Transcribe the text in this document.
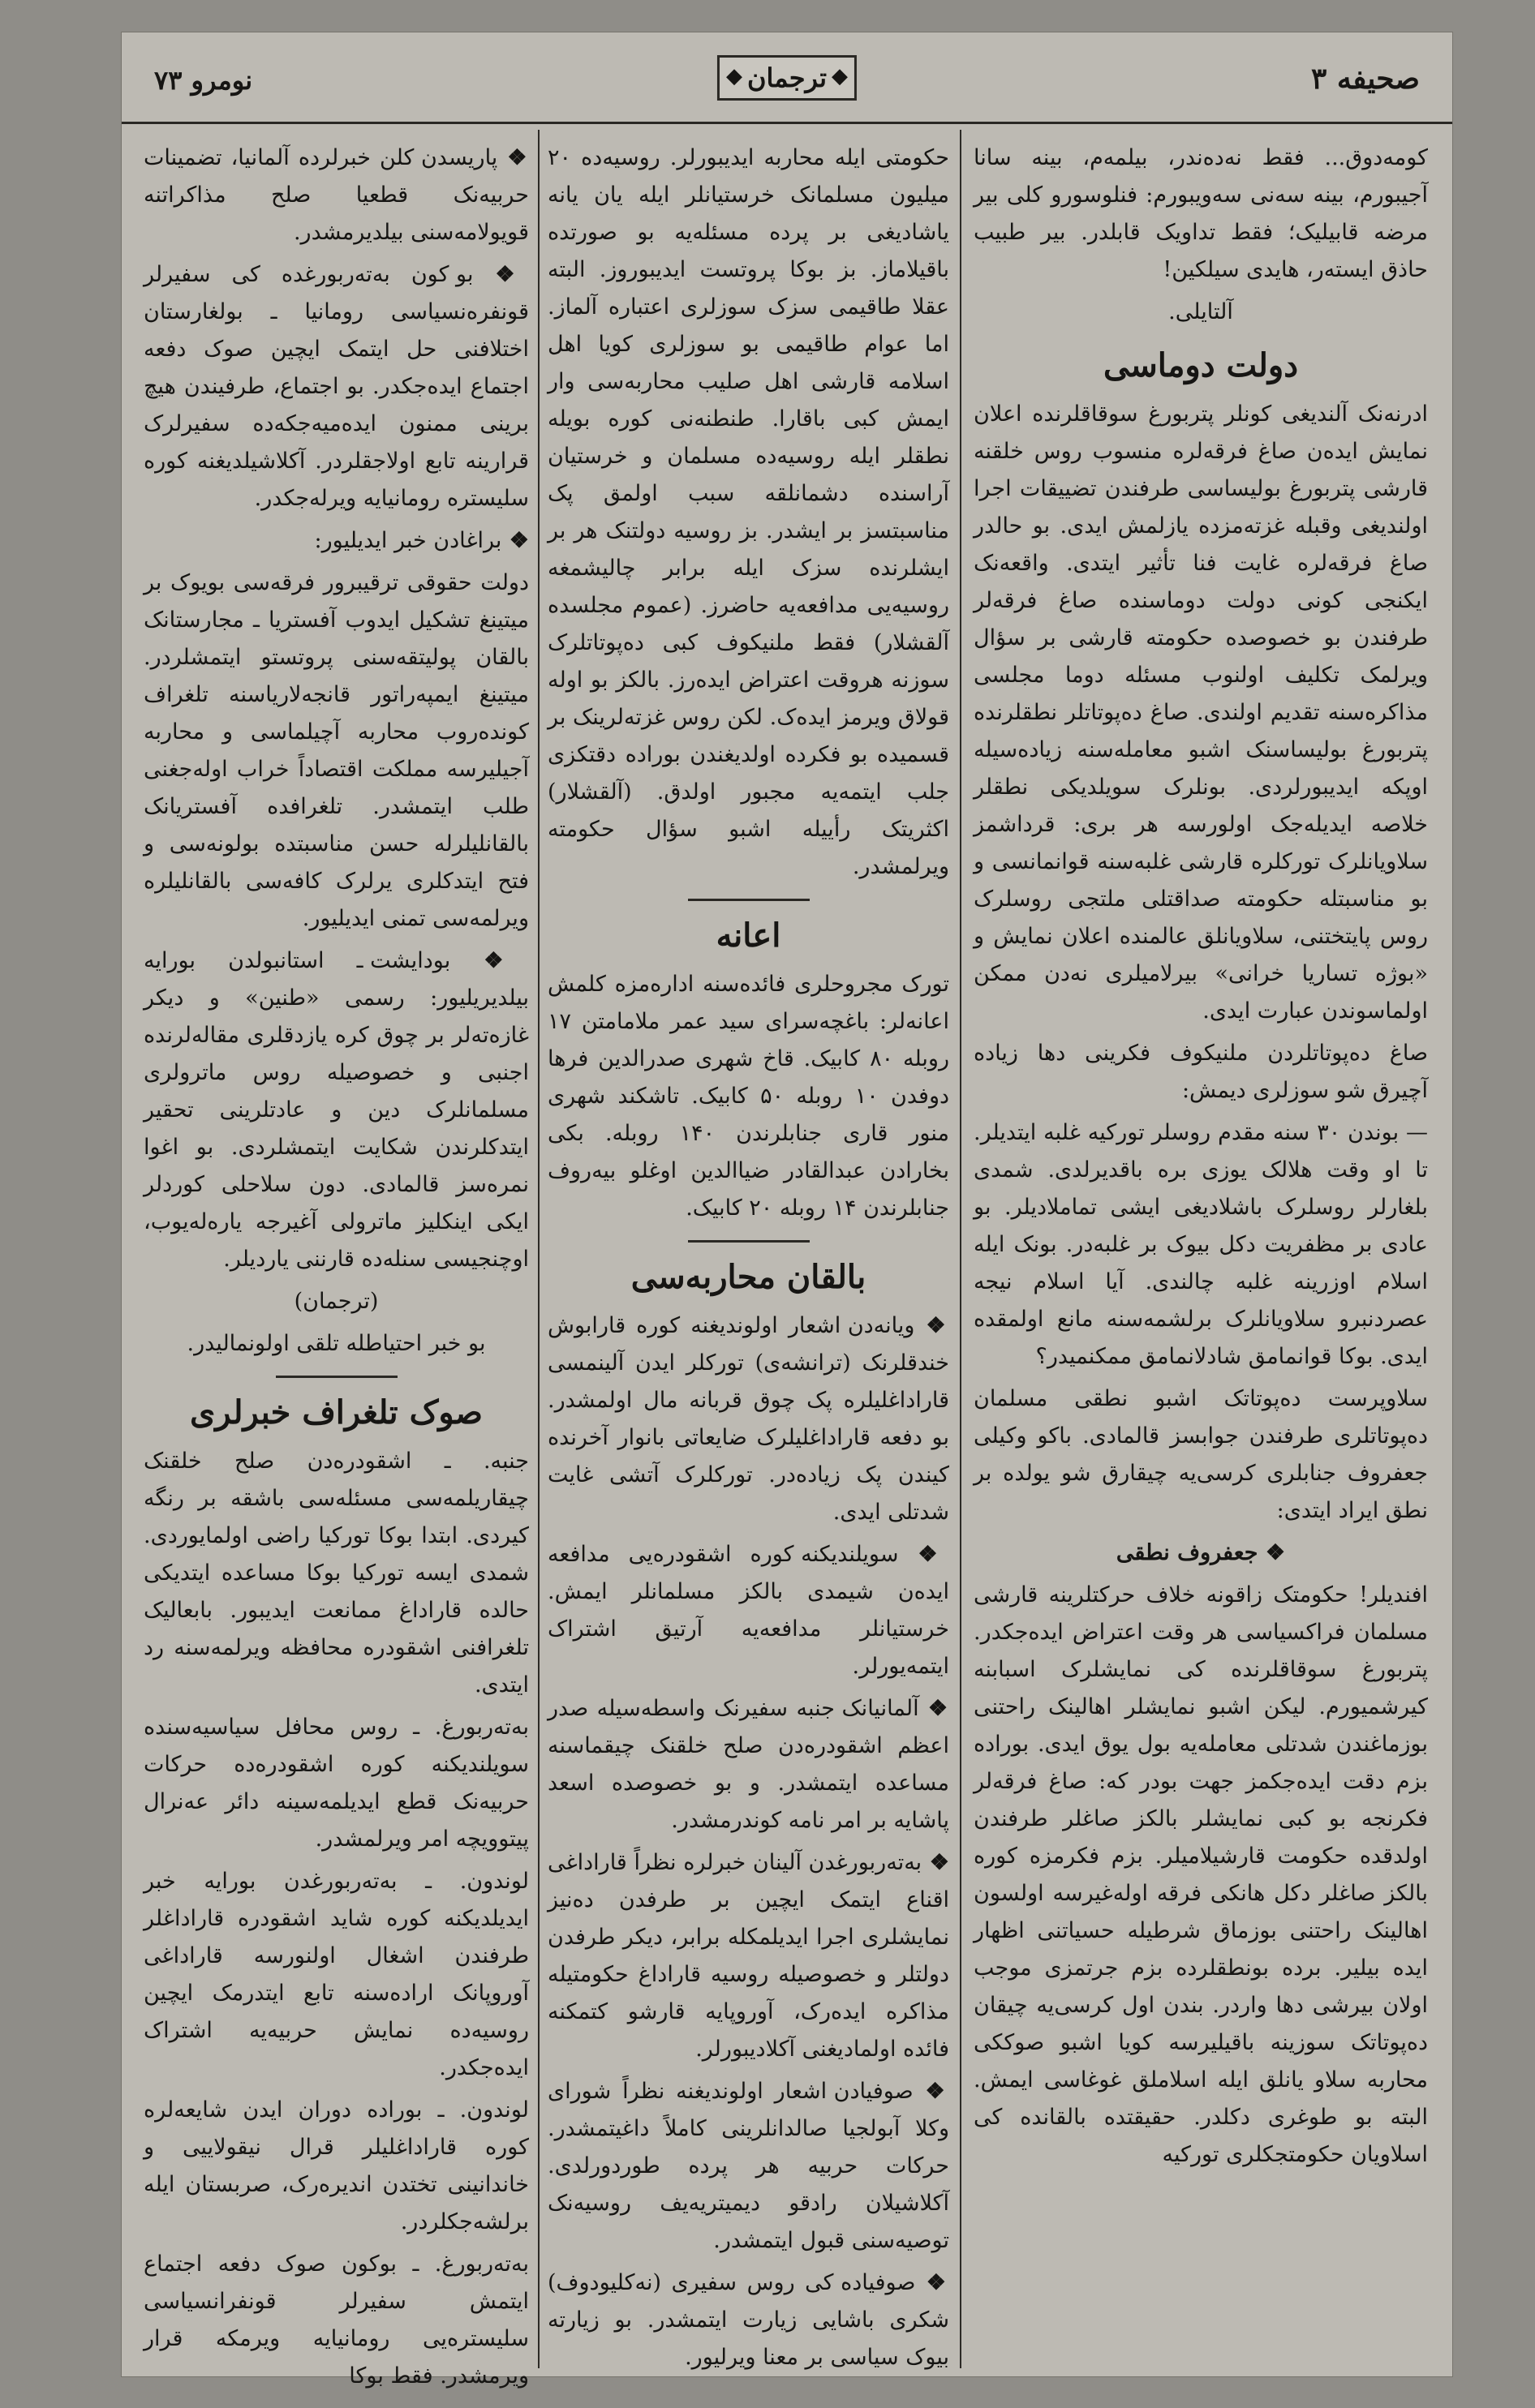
نومرو ۷۳
◆	ترجمان ◆	صحیفه ۳

کومەدوق... فقط نەدەندر، بیلمەم، بینە سانا آجیبورم، بینە سەنی سەویبورم: فنلوسورو کلی بیر مرضە قابیلیک؛ فقط تداویک قابلدر. بیر طبیب حاذق ایستەر، هایدی سیلکین!

آلتایلی.

دولت دوماسی

ادرنەنک آلندیغی کونلر پتربورغ سوقاقلرندە اعلان نمایش ایدەن صاغ فرقەلرە منسوب روس خلقنە قارشی پتربورغ بولیساسی طرفندن تضییقات اجرا اولندیغی وقبلە غزتەمزدە یازلمش ایدی. بو حالدر صاغ فرقەلرە غایت فنا تأثیر ایتدی. واقعەنک ایکنجی کونی دولت دوماسندە صاغ فرقەلر طرفندن بو خصوصدە حکومتە قارشی بر سؤال ویرلمک تکلیف اولنوب مسئلە دوما مجلسی مذاکرەسنە تقدیم اولندی. صاغ دەپوتاتلر نطقلرندە پتربورغ بولیساسنک اشبو معاملەسنە زیادەسیلە اوپکە ایدیبورلردی. بونلرک سویلدیکی نطقلر خلاصە ایدیلەجک اولورسە هر بری: قرداشمز سلاویانلرک تورکلرە قارشی غلبەسنە قوانمانسی و بو مناسبتلە حکومتە صداقتلی ملتجی روسلرک روس پایتختنی، سلاویانلق عالمندە اعلان نمایش و «بوژە تساریا خرانی» بیرلامیلری نەدن ممکن اولماسوندن عبارت ایدی.

صاغ دەپوتاتلردن ملنیکوف فکرینی دها زیادە آچیرق شو سوزلری دیمش:

— بوندن ۳۰ سنە مقدم روسلر تورکیە غلبە ایتدیلر. تا او وقت هلالک یوزی برە باقدیرلدی. شمدی بلغارلر روسلرک باشلادیغی ایشی تماملادیلر. بو عادی بر مظفریت دکل بیوک بر غلبەدر. بونک ایلە اسلام اوزرینە غلبە چالندی. آیا اسلام نیجە عصردنبرو سلاویانلرک برلشمەسنە مانع اولمقدە ایدی. بوکا قوانمامق شادلانمامق ممکنمیدر؟

سلاوپرست دەپوتاتک اشبو نطقی مسلمان دەپوتاتلری طرفندن جوابسز قالمادی. باکو وکیلی جعفروف جنابلری کرسی‌یە چیقارق شو یولدە بر نطق ایراد ایتدی:

❖ جعفروف نطقی

افندیلر! حکومتک زاقونە خلاف حرکتلرینە قارشی مسلمان فراکسیاسی هر وقت اعتراض ایدەجکدر. پتربورغ سوقاقلرندە کی نمایشلرک اسبابنە کیرشمیورم. لیکن اشبو نمایشلر اهالینک راحتنی بوزماغندن شدتلی معاملەیە بول یوق ایدی. بوراده بزم دقت ایدەجکمز جهت بودر که: صاغ فرقەلر فکرنجە بو کبی نمایشلر بالکز صاغلر طرفندن اولدقدە حکومت قارشیلامیلر. بزم فکرمزە کورە بالکز صاغلر دکل هانکی فرقە اولەغیرسە اولسون اهالینک راحتنی بوزماق شرطیلە حسیاتنی اظهار ایدە بیلیر. بردە بونطقلردە بزم جرتمزی موجب اولان بیرشی دها واردر. بندن اول کرسی‌یە چیقان دەپوتاتک سوزینە باقیلیرسە کویا اشبو صوککی محاربە سلاو یانلق ایلە اسلاملق غوغاسی ایمش. البتە بو طوغری دکلدر. حقیقتدە بالقاندە کی اسلاویان حکومتجکلری تورکیە

حکومتی ایلە محاربە ایدیبورلر. روسیەدە ۲۰ میلیون مسلمانک خرستیانلر ایلە یان یانە یاشادیغی بر پردە مسئلەیە بو صورتدە باقیلاماز. بز بوکا پروتست ایدیبوروز. البتە عقلا طاقیمی سزک سوزلری اعتبارە آلماز. اما عوام طاقیمی بو سوزلری کویا اهل اسلامە قارشی اهل صلیب محاربەسی وار ایمش کبی باقارا. طنطنەنی کورە بویلە نطقلر ایلە روسیەدە مسلمان و خرستیان آراسندە دشمانلقە سبب اولمق پک مناسبتسز بر ایشدر. بز روسیە دولتنک هر بر ایشلرندە سزک ایلە برابر چالیشمغە روسیەیی مدافعەیە حاضرز. (عموم مجلسدە آلقشلار) فقط ملنیکوف کبی دەپوتاتلرک سوزنە هروقت اعتراض ایدەرز. بالکز بو اولە قولاق ویرمز ایدەک. لکن روس غزتەلرینک بر قسمیدە بو فکردە اولدیغندن بوراده دقتکزی جلب ایتمەیە مجبور اولدق. (آلقشلار) اکثریتک رأییلە اشبو سؤال حکومتە ویرلمشدر.

اعانە

تورک مجروحلری فائدەسنە ادارەمزە کلمش اعانەلر: باغچەسرای سید عمر ملامامتن ۱۷ روبلە ۸۰ کابیک. قاخ شهری صدرالدین فرها دوفدن ۱۰ روبلە ۵۰ کابیک. تاشکند شهری منور قاری جنابلرندن ۱۴۰ روبلە. بکی بخارادن عبدالقادر ضیاالدین اوغلو بیەروف جنابلرندن ۱۴ روبلە ۲۰ کابیک.

بالقان محاربەسی

❖ ویانەدن اشعار اولوندیغنە کورە قارابوش خندقلرنک (ترانشەی) تورکلر ایدن آلینمسی قاراداغلیلرە پک چوق قربانە مال اولمشدر. بو دفعە قاراداغلیلرک ضایعاتی بانوار آخرندە کیندن پک زیادەدر. تورکلرک آتشی غایت شدتلی ایدی.

❖ سویلندیکنە کورە اشقودرەیی مدافعە ایدەن شیمدی بالکز مسلمانلر ایمش. خرستیانلر مدافعەیە آرتیق اشتراک ایتمەیورلر.

❖ آلمانیانک جنبە سفیرنک واسطەسیلە صدر اعظم اشقودرەدن صلح خلقنک چیقماسنە مساعدە ایتمشدر. و بو خصوصدە اسعد پاشایە بر امر نامە کوندرمشدر.

❖ بەتەربورغدن آلینان خبرلرە نظراً قاراداغی اقناع ایتمک ایچین بر طرفدن دەنیز نمایشلری اجرا ایدیلمکلە برابر، دیکر طرفدن دولتلر و خصوصیلە روسیە قاراداغ حکومتیلە مذاکرە ایدەرک، آوروپایە قارشو کتمکنە فائدە اولمادیغنی آکلادیبورلر.

❖ صوفیادن اشعار اولوندیغنە نظراً شورای وکلا آبولجیا صالدانلرینی کاملاً داغیتمشدر. حرکات حربیە هر پردە طوردورلدی. آکلاشیلان رادقو دیمیتریەیف روسیەنک توصیەسنی قبول ایتمشدر.

❖ صوفیادە کی روس سفیری (نەکلیودوف) شکری باشایی زیارت ایتمشدر. بو زیارتە بیوک سیاسی بر معنا ویرلیور.

❖ پاریسدن کلن خبرلردە آلمانیا، تضمینات حربیەنک قطعیا صلح مذاکراتنە قویولامەسنی بیلدیرمشدر.

❖ بو کون بەتەربورغدە کی سفیرلر قونفرەنسیاسی رومانیا ـ بولغارستان اختلافنی حل ایتمک ایچین صوک دفعە اجتماع ایدەجکدر. بو اجتماع، طرفیندن هیچ برینی ممنون ایدەمیەجکەدە سفیرلرک قرارینە تابع اولاجقلردر. آکلاشیلدیغنە کورە سلیسترە رومانیایە ویرلەجکدر.

❖ براغادن خبر ایدیلیور:

دولت حقوقی ترقیبرور فرقەسی بویوک بر میتینغ تشکیل ایدوب آفستریا ـ مجارستانک بالقان پولیتقەسنی پروتستو ایتمشلردر. میتینغ ایمپەراتور قانجەلاریاسنە تلغراف کوندەروب محاربە آچیلماسی و محاربە آجیلیرسە مملکت اقتصاداً خراب اولەجغنی طلب ایتمشدر. تلغرافدە آفستریانک بالقانلیلرلە حسن مناسبتدە بولونەسی و فتح ایتدکلری یرلرک کافەسی بالقانلیلرە ویرلمەسی تمنی ایدیلیور.

❖ بودایشت ـ استانبولدن بورایە بیلدیریلیور: رسمی «طنین» و دیکر غازەتەلر بر چوق کرە یازدقلری مقالەلرندە اجنبی و خصوصیلە روس ماترولری مسلمانلرک دین و عادتلرینی تحقیر ایتدکلرندن شکایت ایتمشلردی. بو اغوا نمرەسز قالمادی. دون سلاحلی کوردلر ایکی اینکلیز ماترولی آغیرجە یارەلەیوب، اوچنجیسی سنلەدە قارننی یاردیلر.

(ترجمان)

بو خبر احتیاطلە تلقی اولونمالیدر.

صوک تلغراف خبرلری

جنبە. ـ اشقودرەدن صلح خلقنک چیقاریلمەسی مسئلەسی باشقە بر رنگە کیردی. ابتدا بوکا تورکیا راضی اولمایوردی. شمدی ایسە تورکیا بوکا مساعدە ایتدیکی حالدە قاراداغ ممانعت ایدیبور. بابعالیک تلغرافنی اشقودرە محافظە ویرلمەسنە رد ایتدی.

بەتەربورغ. ـ روس محافل سیاسیەسندە سویلندیکنە کورە اشقودرەدە حرکات حربیەنک قطع ایدیلمەسینە دائر عەنرال پیتوویچە امر ویرلمشدر.

لوندون. ـ بەتەربورغدن بورایە خبر ایدیلدیکنە کورە شاید اشقودرە قاراداغلر طرفندن اشغال اولنورسە قاراداغی آوروپانک ارادەسنە تابع ایتدرمک ایچین روسیەدە نمایش حربیەیە اشتراک ایدەجکدر.

لوندون. ـ بورادە دوران ایدن شایعەلرە کورە قاراداغلیلر قرال نیقولاییی و خاندانینی تختدن اندیرەرک، صربستان ایلە برلشەجکلردر.

بەتەربورغ. ـ بوکون صوک دفعە اجتماع ایتمش سفیرلر قونفرانسیاسی سلیسترەیی رومانیایە ویرمکە قرار ویرمشدر. فقط بوکا
